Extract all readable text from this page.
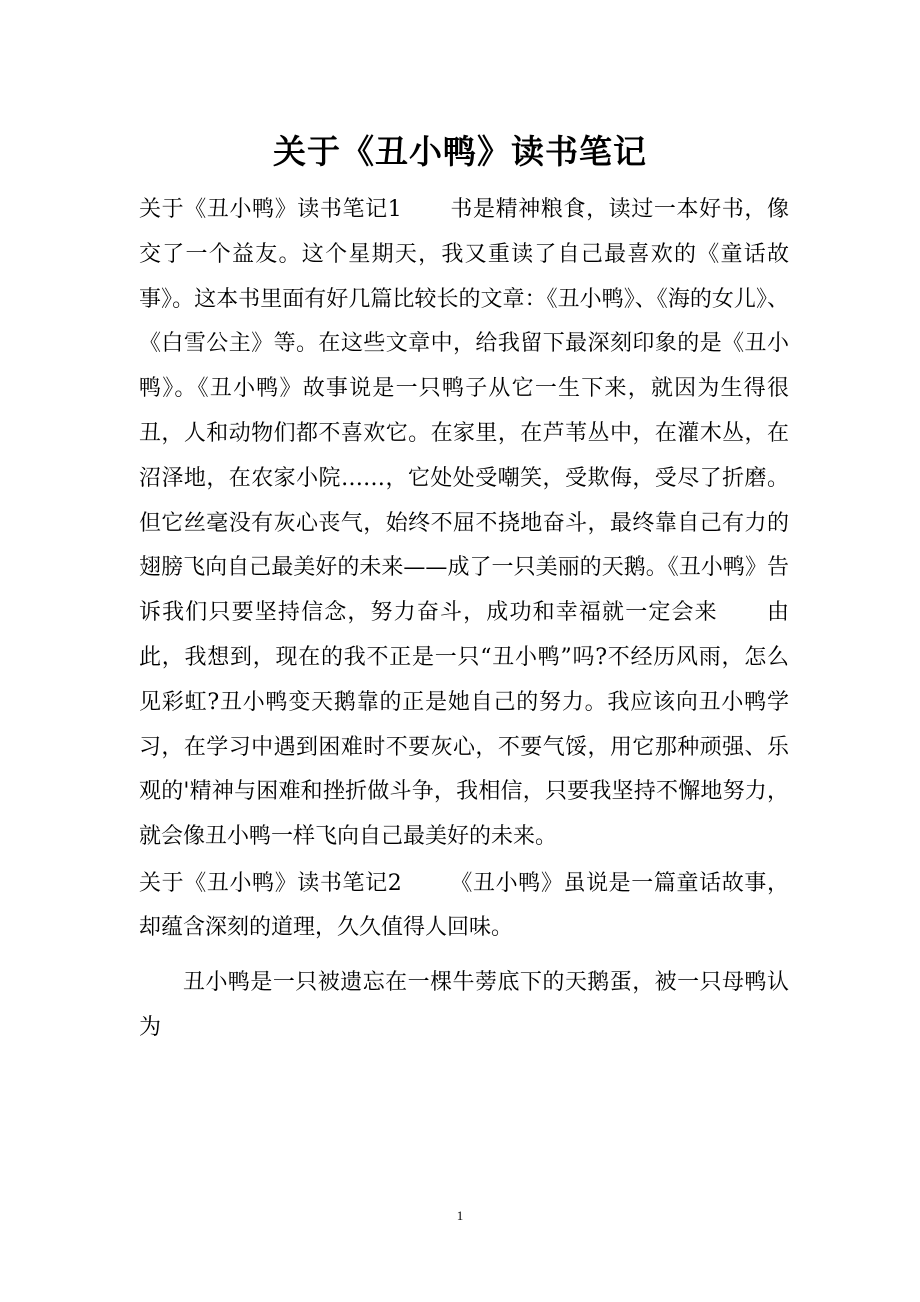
关于《丑小鸭》读书笔记

关于《丑小鸭》读书笔记1 书是精神粮食，读过一本好书，像交了一个益友。这个星期天，我又重读了自己最喜欢的《童话故事》。这本书里面有好几篇比较长的文章：《丑小鸭》、《海的女儿》、《白雪公主》等。在这些文章中，给我留下最深刻印象的是《丑小鸭》。《丑小鸭》故事说是一只鸭子从它一生下来，就因为生得很丑，人和动物们都不喜欢它。在家里，在芦苇丛中，在灌木丛，在沼泽地，在农家小院……，它处处受嘲笑，受欺侮，受尽了折磨。但它丝毫没有灰心丧气，始终不屈不挠地奋斗，最终靠自己有力的翅膀飞向自己最美好的未来——成了一只美丽的天鹅。《丑小鸭》告诉我们只要坚持信念，努力奋斗，成功和幸福就一定会来 由此，我想到，现在的我不正是一只“丑小鸭”吗?不经历风雨，怎么见彩虹?丑小鸭变天鹅靠的正是她自己的努力。我应该向丑小鸭学习，在学习中遇到困难时不要灰心，不要气馁，用它那种顽强、乐观的'精神与困难和挫折做斗争，我相信，只要我坚持不懈地努力，就会像丑小鸭一样飞向自己最美好的未来。

关于《丑小鸭》读书笔记2 《丑小鸭》虽说是一篇童话故事，却蕴含深刻的道理，久久值得人回味。

丑小鸭是一只被遗忘在一棵牛蒡底下的天鹅蛋，被一只母鸭认为

1
